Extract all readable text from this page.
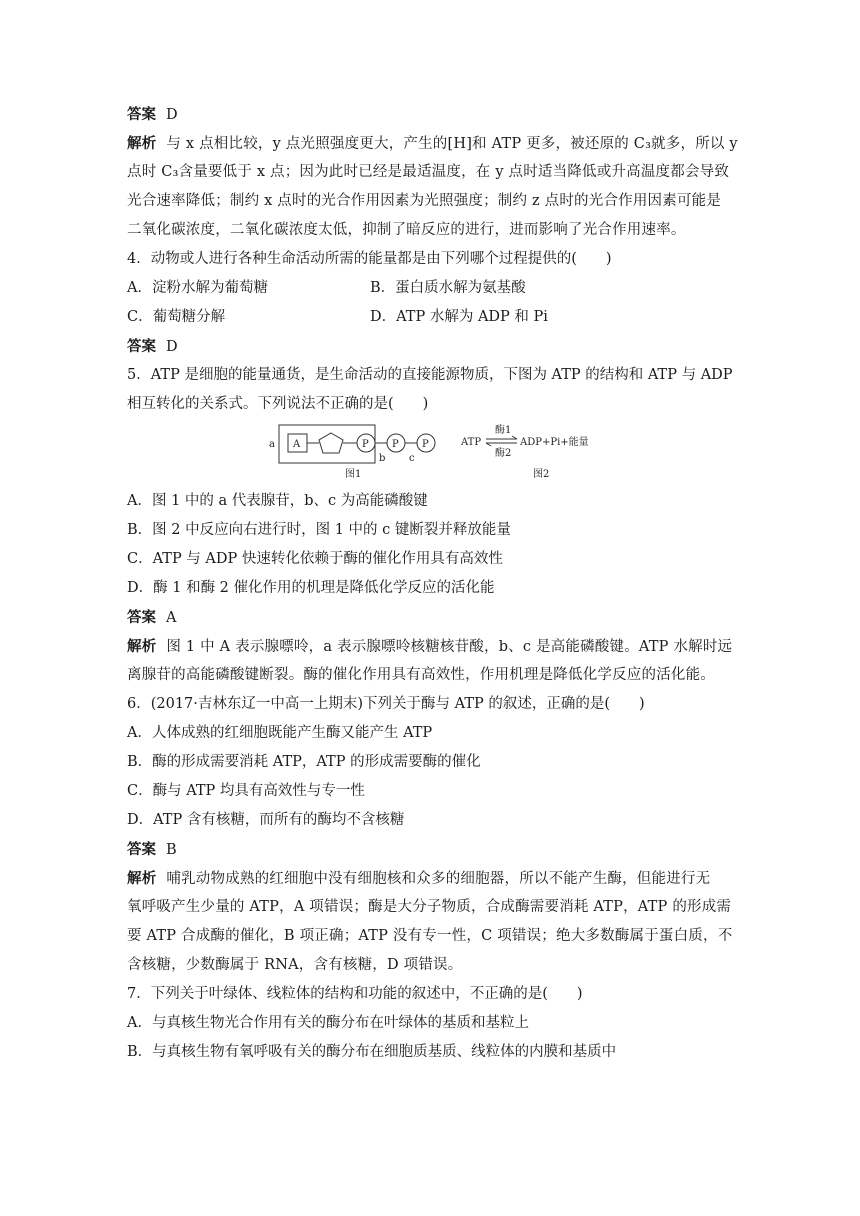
答案 D
解析 与 x 点相比较，y 点光照强度更大，产生的[H]和 ATP 更多，被还原的 C₃就多，所以 y
点时 C₃含量要低于 x 点；因为此时已经是最适温度，在 y 点时适当降低或升高温度都会导致
光合速率降低；制约 x 点时的光合作用因素为光照强度；制约 z 点时的光合作用因素可能是
二氧化碳浓度，二氧化碳浓度太低，抑制了暗反应的进行，进而影响了光合作用速率。
4．动物或人进行各种生命活动所需的能量都是由下列哪个过程提供的(　　)
A．淀粉水解为葡萄糖	B．蛋白质水解为氨基酸
C．葡萄糖分解	D．ATP 水解为 ADP 和 Pi
答案 D
5．ATP 是细胞的能量通货，是生命活动的直接能源物质，下图为 ATP 的结构和 ATP 与 ADP
相互转化的关系式。下列说法不正确的是(　　)
a A	P P P
b c
图1
ATP
酶1
酶2
ADP+Pi+能量
图2
A．图 1 中的 a 代表腺苷，b、c 为高能磷酸键
B．图 2 中反应向右进行时，图 1 中的 c 键断裂并释放能量
C．ATP 与 ADP 快速转化依赖于酶的催化作用具有高效性
D．酶 1 和酶 2 催化作用的机理是降低化学反应的活化能
答案 A
解析 图 1 中 A 表示腺嘌呤，a 表示腺嘌呤核糖核苷酸，b、c 是高能磷酸键。ATP 水解时远
离腺苷的高能磷酸键断裂。酶的催化作用具有高效性，作用机理是降低化学反应的活化能。
6．(2017·吉林东辽一中高一上期末)下列关于酶与 ATP 的叙述，正确的是(　　)
A．人体成熟的红细胞既能产生酶又能产生 ATP
B．酶的形成需要消耗 ATP，ATP 的形成需要酶的催化
C．酶与 ATP 均具有高效性与专一性
D．ATP 含有核糖，而所有的酶均不含核糖
答案 B
解析 哺乳动物成熟的红细胞中没有细胞核和众多的细胞器，所以不能产生酶，但能进行无
氧呼吸产生少量的 ATP，A 项错误；酶是大分子物质，合成酶需要消耗 ATP，ATP 的形成需
要 ATP 合成酶的催化，B 项正确；ATP 没有专一性，C 项错误；绝大多数酶属于蛋白质，不
含核糖，少数酶属于 RNA，含有核糖，D 项错误。
7．下列关于叶绿体、线粒体的结构和功能的叙述中，不正确的是(　　)
A．与真核生物光合作用有关的酶分布在叶绿体的基质和基粒上
B．与真核生物有氧呼吸有关的酶分布在细胞质基质、线粒体的内膜和基质中
